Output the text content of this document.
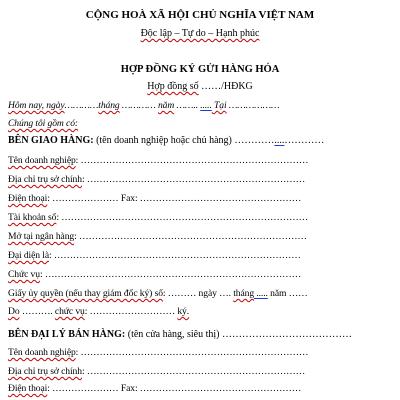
CỘNG HOÀ XÃ HỘI CHỦ NGHĨA VIỆT NAM
Độc lập – Tự do – Hạnh phúc
HỢP ĐỒNG KÝ GỬI HÀNG HÓA
Hợp đồng số ……/HĐKG
Hôm nay, ngày…………tháng ………… năm …….. ..... Tại ………………
Chúng tôi gồm có:
BÊN GIAO HÀNG: (tên doanh nghiệp hoặc chủ hàng) …………....…………
Tên doanh nghiệp: ………………………………………………………………
Địa chỉ trụ sở chính: ……………………………………………………………
Điện thoại: ………………… Fax: ……………………………………………
Tài khoản số: ……………………………………………………………………
Mở tại ngân hàng: ………………………………………………………………
Đại diện là: ……………………………………………………………………
Chức vụ: ………………………………………………………………………
Giấy ủy quyền (nếu thay giám đốc ký) số: ……… ngày …. tháng ..... năm ……
Do ………. chức vụ: ……………………… ký.
BÊN ĐẠI LÝ BÁN HÀNG: (tên cửa hàng, siêu thị) …………………………………
Tên doanh nghiệp: ………………………………………………………………
Địa chỉ trụ sở chính: ……………………………………………………………
Điện thoại: ………………… Fax: ……………………………………………
